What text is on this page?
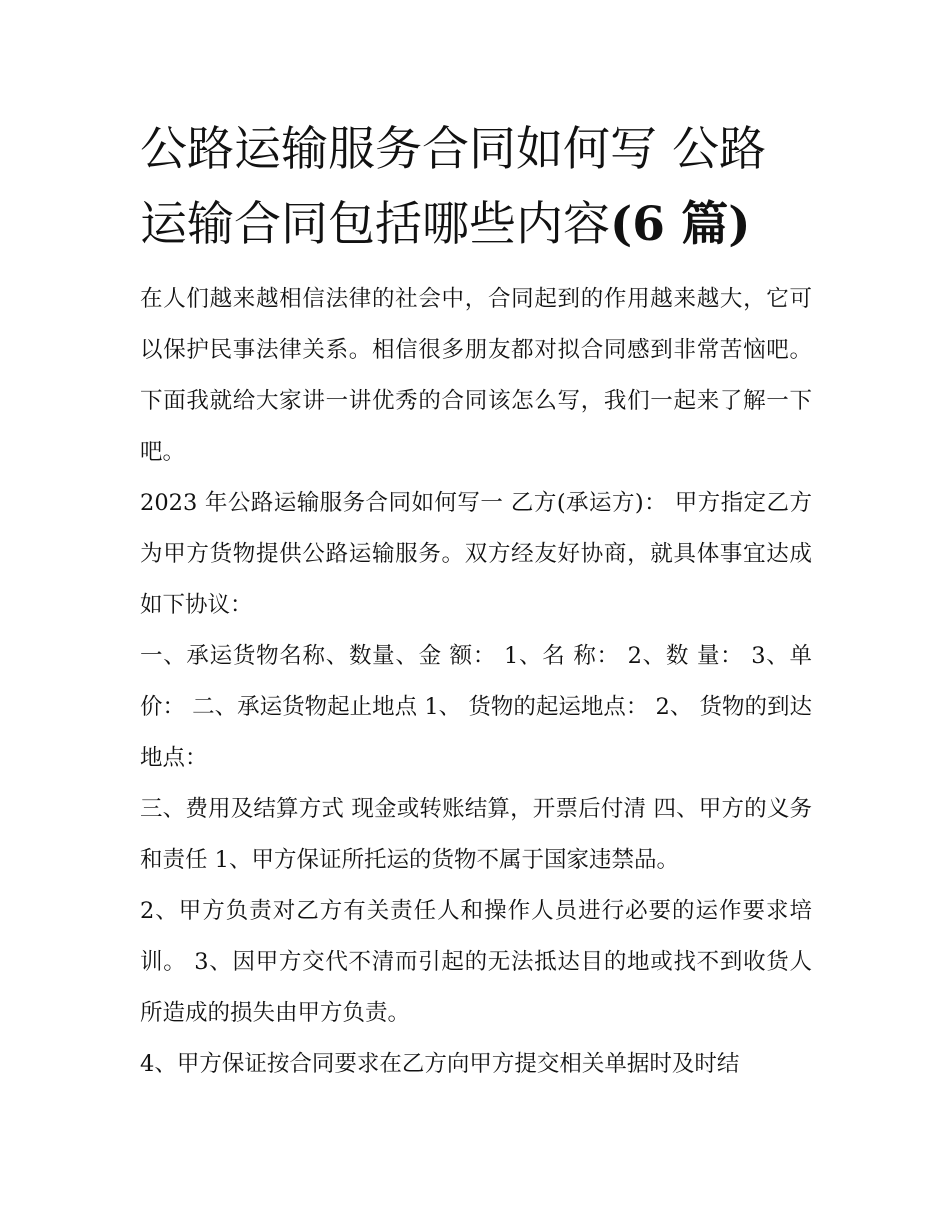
公路运输服务合同如何写 公路运输合同包括哪些内容(6 篇)

在人们越来越相信法律的社会中，合同起到的作用越来越大，它可以保护民事法律关系。相信很多朋友都对拟合同感到非常苦恼吧。下面我就给大家讲一讲优秀的合同该怎么写，我们一起来了解一下吧。

2023 年公路运输服务合同如何写一 乙方(承运方)： 甲方指定乙方为甲方货物提供公路运输服务。双方经友好协商，就具体事宜达成如下协议：

一、承运货物名称、数量、金 额： 1、名 称： 2、数 量： 3、单 价： 二、承运货物起止地点 1、 货物的起运地点： 2、 货物的到达地点：

三、费用及结算方式 现金或转账结算，开票后付清 四、甲方的义务和责任 1、甲方保证所托运的货物不属于国家违禁品。

2、甲方负责对乙方有关责任人和操作人员进行必要的运作要求培训。 3、因甲方交代不清而引起的无法抵达目的地或找不到收货人所造成的损失由甲方负责。

4、甲方保证按合同要求在乙方向甲方提交相关单据时及时结
